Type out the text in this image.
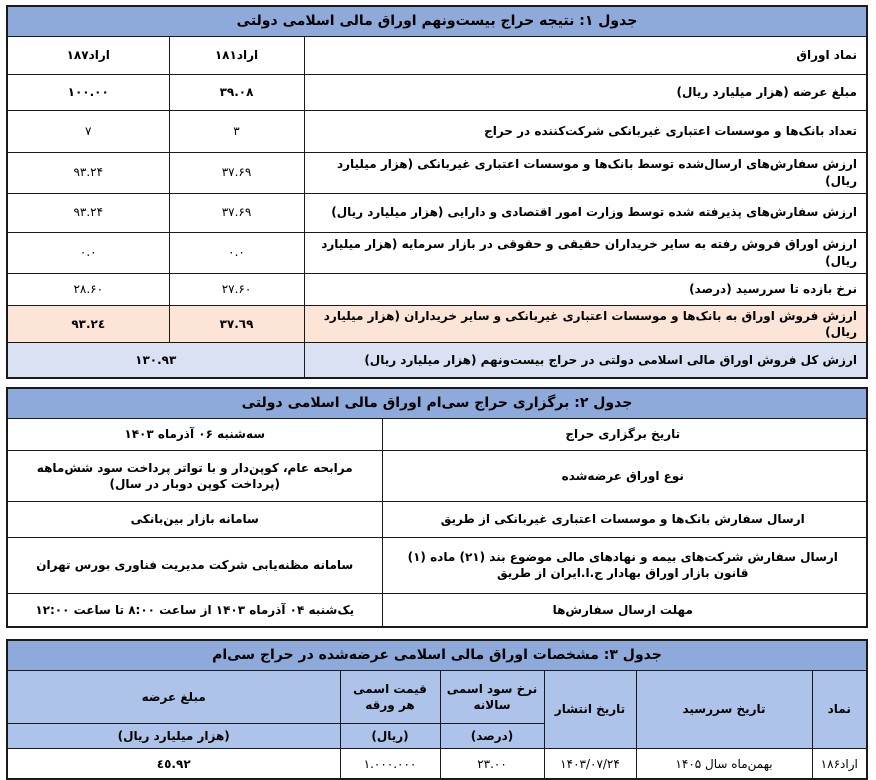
جدول ۱: نتیجه حراج بیست‌ونهم اوراق مالی اسلامی دولتی		
نماد اوراق	اراد۱۸۱	اراد۱۸۷
مبلغ عرضه (هزار میلیارد ریال)	۳۹.۰۸	۱۰۰.۰۰
تعداد بانک‌ها و موسسات اعتباری غیربانکی شرکت‌کننده در حراج	۳	۷
ارزش سفارش‌های ارسال‌شده توسط بانک‌ها و موسسات اعتباری غیربانکی (هزار میلیارد ریال)	۳۷.۶۹	۹۳.۲۴
ارزش سفارش‌های پذیرفته شده توسط وزارت امور اقتصادی و دارایی (هزار میلیارد ریال)	۳۷.۶۹	۹۳.۲۴
ارزش اوراق فروش رفته به سایر خریداران حقیقی و حقوقی در بازار سرمایه (هزار میلیارد ریال)	۰.۰	۰.۰
نرخ بازده تا سررسید (درصد)	۲۷.۶۰	۲۸.۶۰
ارزش فروش اوراق به بانک‌ها و موسسات اعتباری غیربانکی و سایر خریداران (هزار میلیارد ریال)	٣٧.٦٩	٩٣.٢٤
ارزش کل فروش اوراق مالی اسلامی دولتی در حراج بیست‌ونهم (هزار میلیارد ریال)	۱۳۰.۹۳	
جدول ۲: برگزاری حراج سی‌ام اوراق مالی اسلامی دولتی	
تاریخ برگزاری حراج	سه‌شنبه ۰۶ آذرماه ۱۴۰۳
نوع اوراق عرضه‌شده	مرابحه عام، کوپن‌دار و با تواتر پرداخت سود شش‌ماهه (پرداخت کوپن دوبار در سال)
ارسال سفارش بانک‌ها و موسسات اعتباری غیربانکی از طریق	سامانه بازار بین‌بانکی
ارسال سفارش شرکت‌های بیمه و نهادهای مالی موضوع بند (۲۱) ماده (۱) قانون بازار اوراق بهادار ج.ا.ایران از طریق	سامانه مظنه‌یابی شرکت مدیریت فناوری بورس تهران
مهلت ارسال سفارش‌ها	یک‌شنبه ۰۴ آذرماه ۱۴۰۳ از ساعت ۸:۰۰ تا ساعت ۱۲:۰۰
جدول ۳: مشخصات اوراق مالی اسلامی عرضه‌شده در حراج سی‌ام					
نماد	تاریخ سررسید	تاریخ انتشار	نرخ سود اسمی سالانه	قیمت اسمی هر ورقه	مبلغ عرضه
			(درصد)	(ریال)	(هزار میلیارد ریال)
اراد۱۸۶	بهمن‌ماه سال ۱۴۰۵	۱۴۰۳/۰۷/۲۴	۲۳.۰۰	۱.۰۰۰.۰۰۰	٤٥.٩٢
